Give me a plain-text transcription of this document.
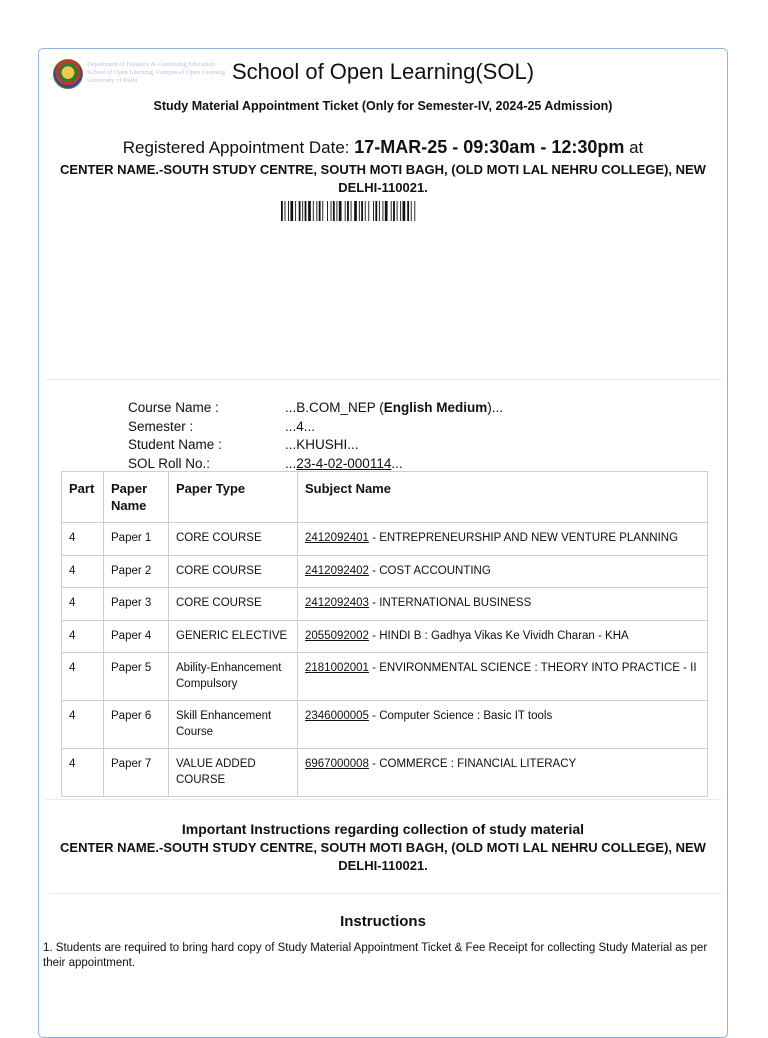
Department of Distance & Continuing Education
School of Open Learning, Campus of Open Learning
University of Delhi	School of Open Learning(SOL)
Study Material Appointment Ticket (Only for Semester-IV, 2024-25 Admission)
Registered Appointment Date: 17-MAR-25 - 09:30am - 12:30pm at
CENTER NAME.-SOUTH STUDY CENTRE, SOUTH MOTI BAGH, (OLD MOTI LAL NEHRU COLLEGE), NEW DELHI-110021.
Course Name :	...B.COM_NEP (English Medium)...
Semester :	...4...
Student Name :	...KHUSHI...
SOL Roll No.:	...23-4-02-000114...
Part	Paper Name	Paper Type	Subject Name
4	Paper 1	CORE COURSE	2412092401 - ENTREPRENEURSHIP AND NEW VENTURE PLANNING
4	Paper 2	CORE COURSE	2412092402 - COST ACCOUNTING
4	Paper 3	CORE COURSE	2412092403 - INTERNATIONAL BUSINESS
4	Paper 4	GENERIC ELECTIVE	2055092002 - HINDI B : Gadhya Vikas Ke Vividh Charan - KHA
4	Paper 5	Ability-Enhancement Compulsory	2181002001 - ENVIRONMENTAL SCIENCE : THEORY INTO PRACTICE - II
4	Paper 6	Skill Enhancement Course	2346000005 - Computer Science : Basic IT tools
4	Paper 7	VALUE ADDED COURSE	6967000008 - COMMERCE : FINANCIAL LITERACY
Important Instructions regarding collection of study material
CENTER NAME.-SOUTH STUDY CENTRE, SOUTH MOTI BAGH, (OLD MOTI LAL NEHRU COLLEGE), NEW DELHI-110021.
Instructions
1. Students are required to bring hard copy of Study Material Appointment Ticket & Fee Receipt for collecting Study Material as per their appointment.
